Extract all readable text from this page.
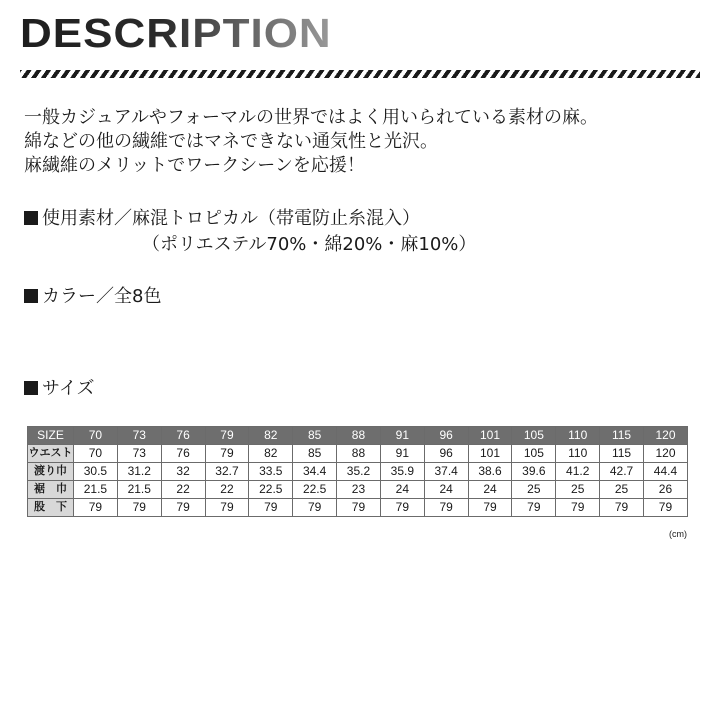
DESCRIPTION

一般カジュアルやフォーマルの世界ではよく用いられている素材の麻。

綿などの他の繊維ではマネできない通気性と光沢。

麻繊維のメリットでワークシーンを応援！

使用素材／麻混トロピカル（帯電防止糸混入）

（ポリエステル70%・綿20%・麻10%）

カラー／全8色

サイズ

SIZE	70	73	76	79	82	85	88	91	96	101	105	110	115	120
ウエスト	70	73	76	79	82	85	88	91	96	101	105	110	115	120
渡り巾	30.5	31.2	32	32.7	33.5	34.4	35.2	35.9	37.4	38.6	39.6	41.2	42.7	44.4
裾　巾	21.5	21.5	22	22	22.5	22.5	23	24	24	24	25	25	25	26
股　下	79	79	79	79	79	79	79	79	79	79	79	79	79	79
(cm)
